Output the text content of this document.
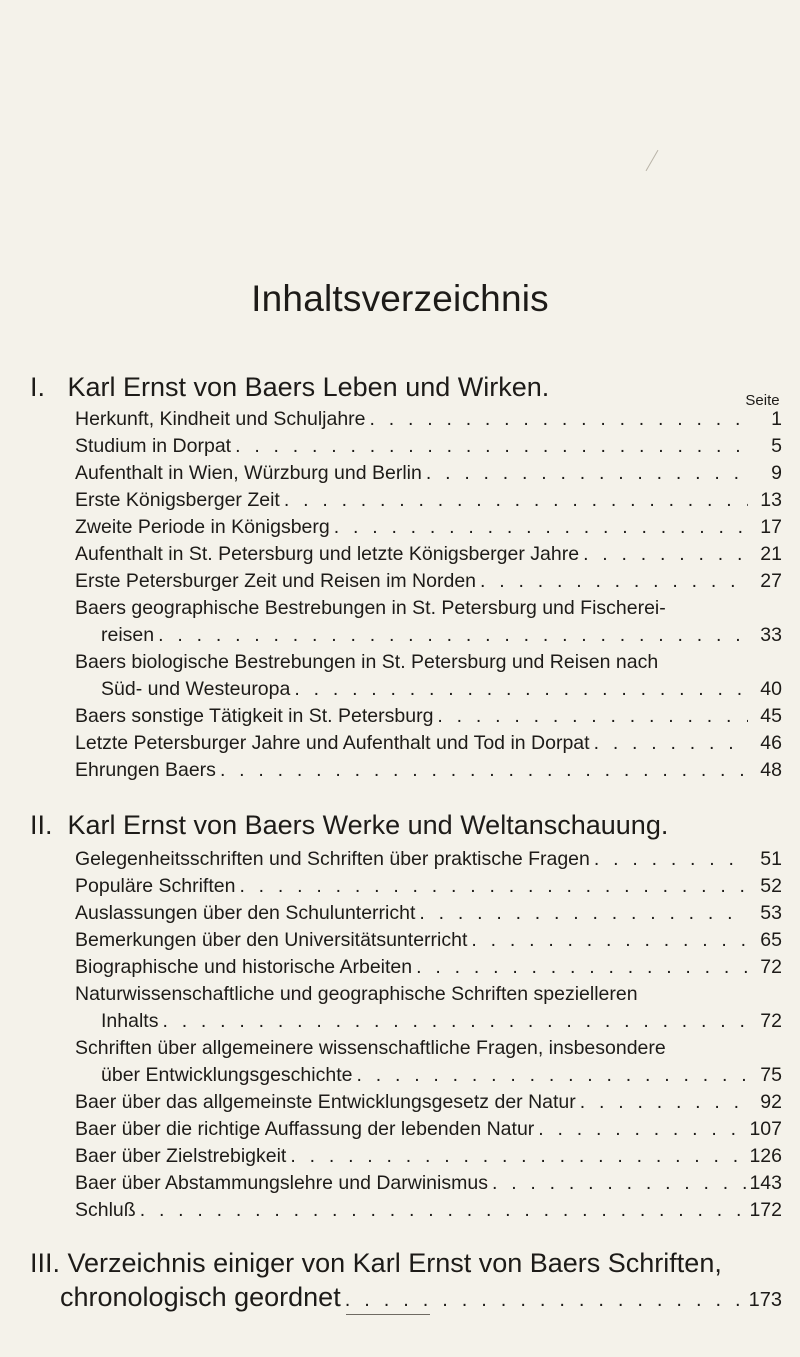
Inhaltsverzeichnis
Seite
I. Karl Ernst von Baers Leben und Wirken.
Herkunft, Kindheit und Schuljahre . . .	1
Studium in Dorpat . . .	5
Aufenthalt in Wien, Würzburg und Berlin . . .	9
Erste Königsberger Zeit . . .	13
Zweite Periode in Königsberg . . .	17
Aufenthalt in St. Petersburg und letzte Königsberger Jahre . . .	21
Erste Petersburger Zeit und Reisen im Norden . . .	27
Baers geographische Bestrebungen in St. Petersburg und Fischerei-
reisen . . .	33
Baers biologische Bestrebungen in St. Petersburg und Reisen nach
Süd- und Westeuropa . . .	40
Baers sonstige Tätigkeit in St. Petersburg . . .	45
Letzte Petersburger Jahre und Aufenthalt und Tod in Dorpat . . .	46
Ehrungen Baers . . .	48
II. Karl Ernst von Baers Werke und Weltanschauung.
Gelegenheitsschriften und Schriften über praktische Fragen . . .	51
Populäre Schriften . . .	52
Auslassungen über den Schulunterricht . . .	53
Bemerkungen über den Universitätsunterricht . . .	65
Biographische und historische Arbeiten . . .	72
Naturwissenschaftliche und geographische Schriften spezielleren
Inhalts . . .	72
Schriften über allgemeinere wissenschaftliche Fragen, insbesondere
über Entwicklungsgeschichte . . .	75
Baer über das allgemeinste Entwicklungsgesetz der Natur . . .	92
Baer über die richtige Auffassung der lebenden Natur . . .	107
Baer über Zielstrebigkeit . . .	126
Baer über Abstammungslehre und Darwinismus . . .	143
Schluß . . .	172
III. Verzeichnis einiger von Karl Ernst von Baers Schriften,
chronologisch geordnet . . .	173
